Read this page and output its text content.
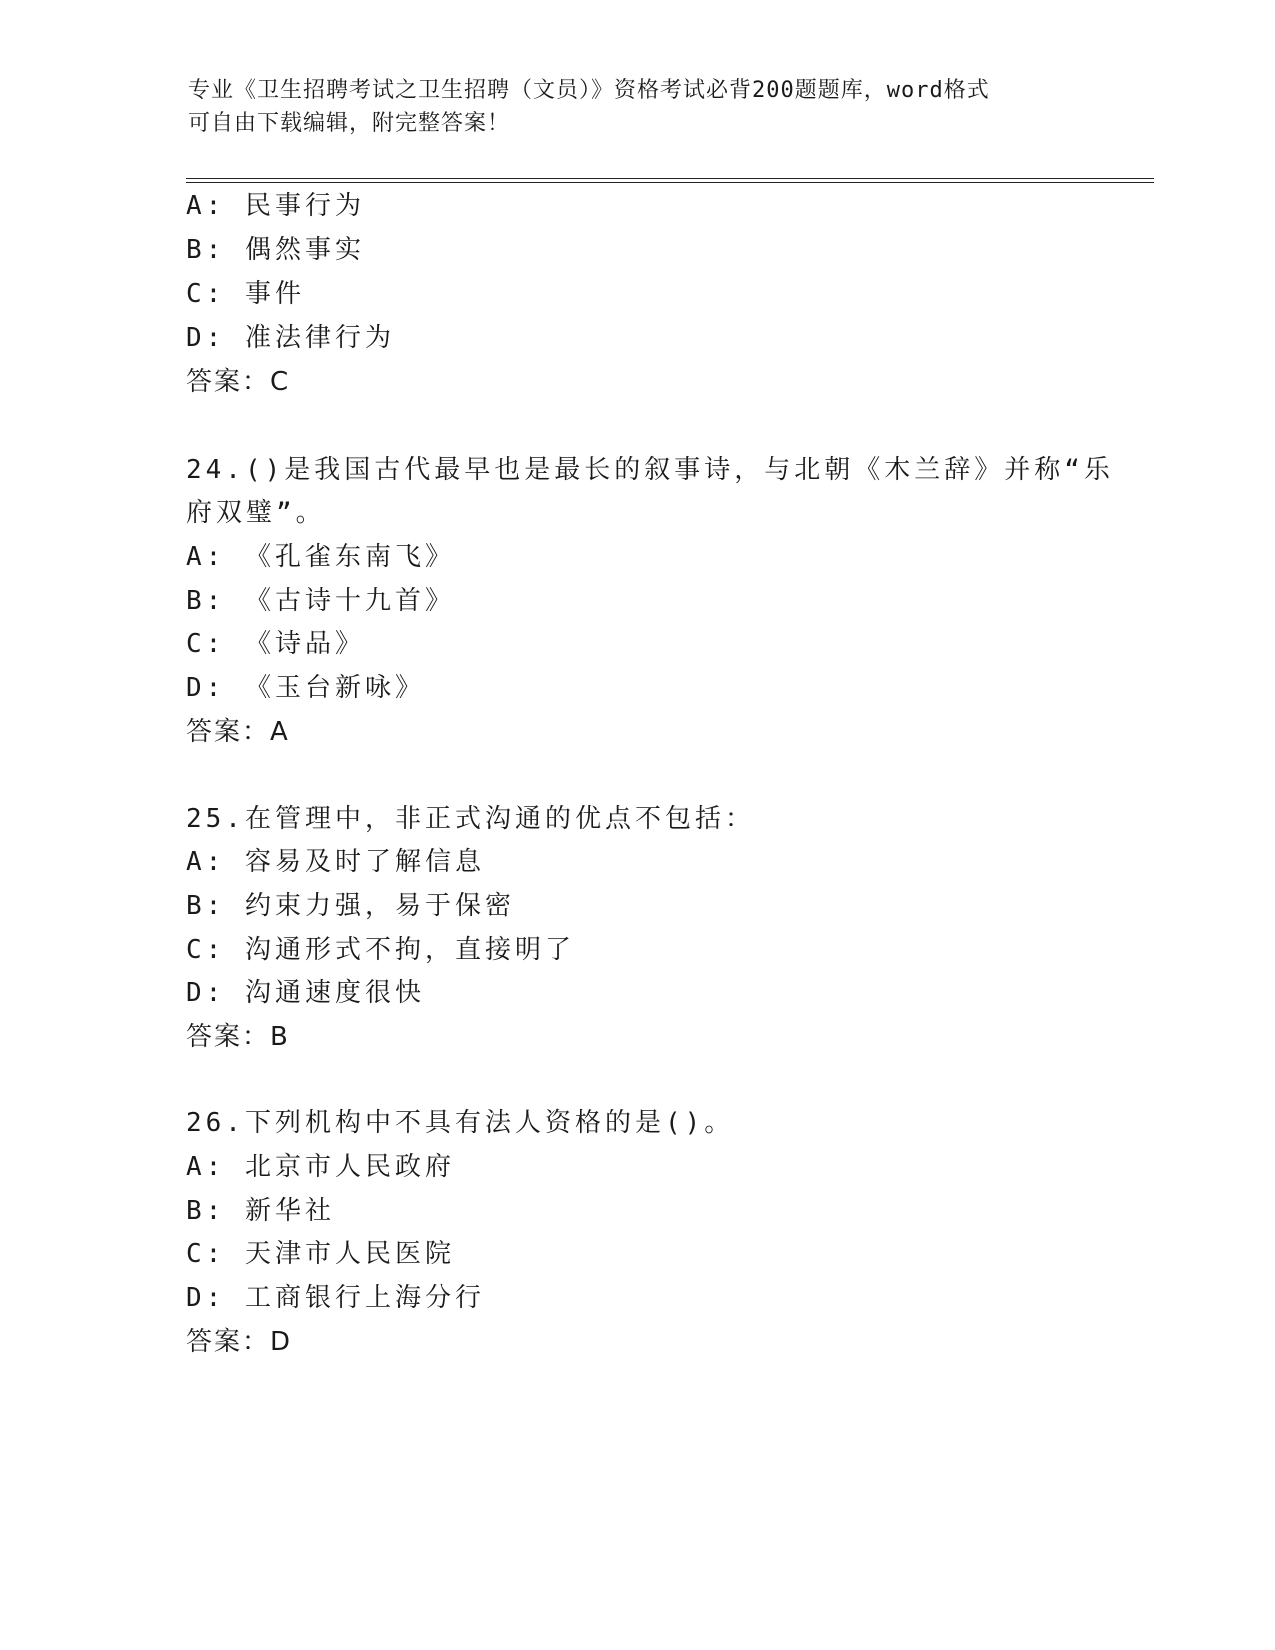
专业《卫生招聘考试之卫生招聘（文员）》资格考试必背200题题库，word格式
可自由下载编辑，附完整答案！
A: 民事行为
B: 偶然事实
C: 事件
D: 准法律行为
答案：C
24.()是我国古代最早也是最长的叙事诗，与北朝《木兰辞》并称“乐
府双璧”。
A: 《孔雀东南飞》
B: 《古诗十九首》
C: 《诗品》
D: 《玉台新咏》
答案：A
25.在管理中，非正式沟通的优点不包括：
A: 容易及时了解信息
B: 约束力强，易于保密
C: 沟通形式不拘，直接明了
D: 沟通速度很快
答案：B
26.下列机构中不具有法人资格的是()。
A: 北京市人民政府
B: 新华社
C: 天津市人民医院
D: 工商银行上海分行
答案：D
